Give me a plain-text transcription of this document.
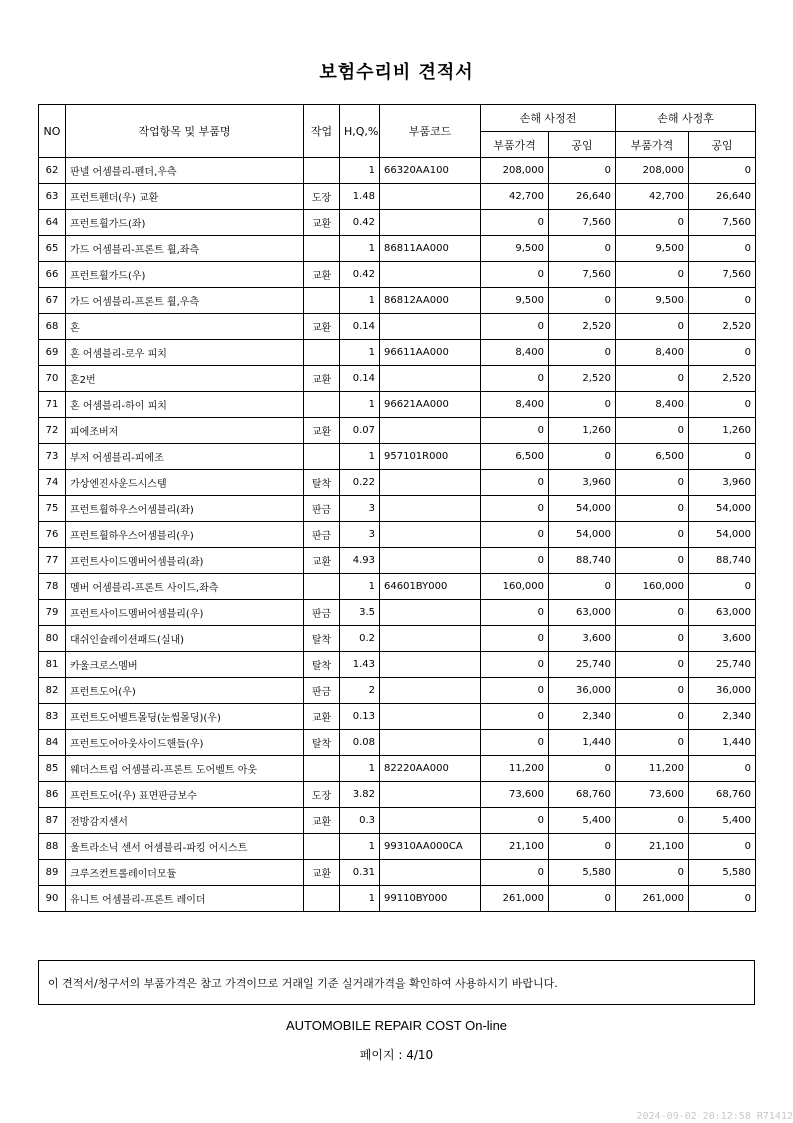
보험수리비 견적서
NO	작업항목 및 부품명	작업	H,Q,%	부품코드	손해 사정전		손해 사정후	
					부품가격	공임	부품가격	공임
62	판넬 어셈블리-펜더,우측		1	66320AA100	208,000	0	208,000	0
63	프런트펜더(우) 교환	도장	1.48		42,700	26,640	42,700	26,640
64	프런트휠가드(좌)	교환	0.42		0	7,560	0	7,560
65	가드 어셈블리-프론트 휠,좌측		1	86811AA000	9,500	0	9,500	0
66	프런트휠가드(우)	교환	0.42		0	7,560	0	7,560
67	가드 어셈블리-프론트 휠,우측		1	86812AA000	9,500	0	9,500	0
68	혼	교환	0.14		0	2,520	0	2,520
69	혼 어셈블리-로우 피치		1	96611AA000	8,400	0	8,400	0
70	혼2번	교환	0.14		0	2,520	0	2,520
71	혼 어셈블리-하이 피치		1	96621AA000	8,400	0	8,400	0
72	피에조버저	교환	0.07		0	1,260	0	1,260
73	부저 어셈블리-피에조		1	957101R000	6,500	0	6,500	0
74	가상엔진사운드시스템	탈착	0.22		0	3,960	0	3,960
75	프런트휠하우스어셈블리(좌)	판금	3		0	54,000	0	54,000
76	프런트휠하우스어셈블리(우)	판금	3		0	54,000	0	54,000
77	프런트사이드멤버어셈블리(좌)	교환	4.93		0	88,740	0	88,740
78	멤버 어셈블리-프론트 사이드,좌측		1	64601BY000	160,000	0	160,000	0
79	프런트사이드멤버어셈블리(우)	판금	3.5		0	63,000	0	63,000
80	대쉬인슐레이션패드(실내)	탈착	0.2		0	3,600	0	3,600
81	카울크로스멤버	탈착	1.43		0	25,740	0	25,740
82	프런트도어(우)	판금	2		0	36,000	0	36,000
83	프런트도어벨트몰딩(눈썹몰딩)(우)	교환	0.13		0	2,340	0	2,340
84	프런트도어아웃사이드핸들(우)	탈착	0.08		0	1,440	0	1,440
85	웨더스트립 어셈블리-프론트 도어벨트 아웃		1	82220AA000	11,200	0	11,200	0
86	프런트도어(우) 표면판금보수	도장	3.82		73,600	68,760	73,600	68,760
87	전방감지센서	교환	0.3		0	5,400	0	5,400
88	울트라소닉 센서 어셈블리-파킹 어시스트		1	99310AA000CA	21,100	0	21,100	0
89	크루즈컨트롤레이더모듈	교환	0.31		0	5,580	0	5,580
90	유니트 어셈블리-프론트 레이더		1	99110BY000	261,000	0	261,000	0
이 견적서/청구서의 부품가격은 참고 가격이므로 거래일 기준 실거래가격을 확인하여 사용하시기 바랍니다.
AUTOMOBILE REPAIR COST On-line
페이지 : 4/10
2024-09-02 20:12:58 R71412
